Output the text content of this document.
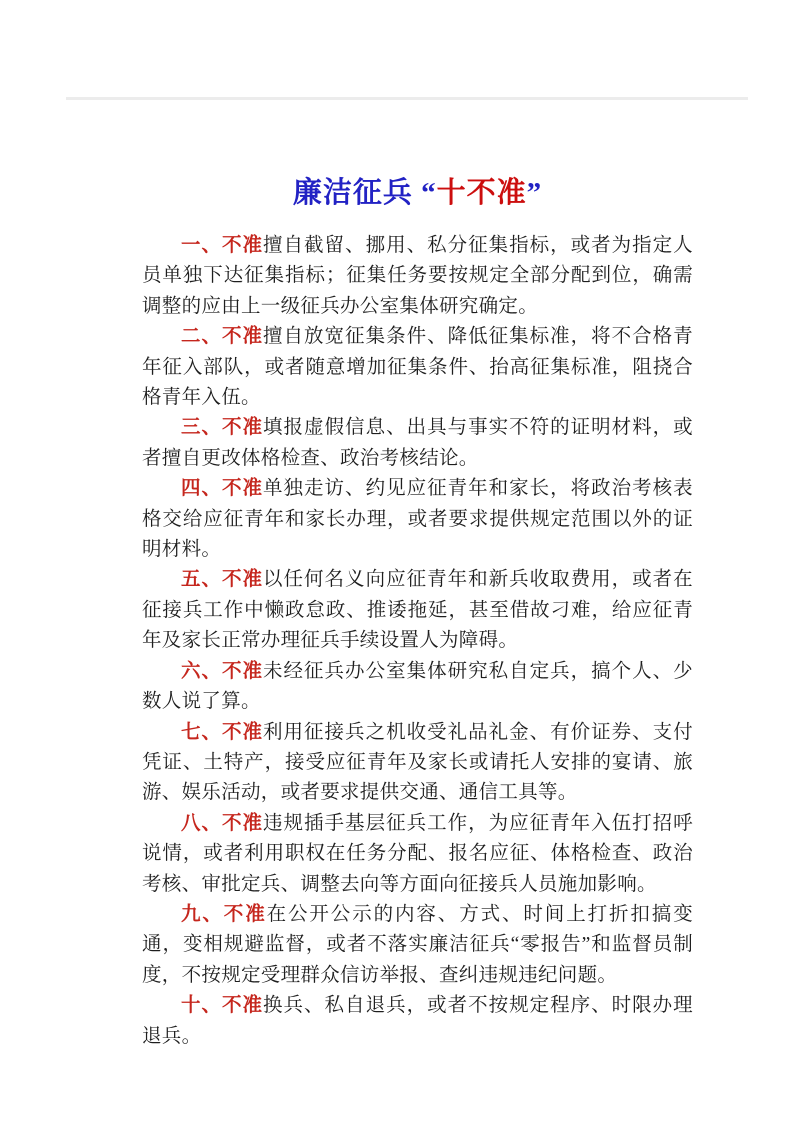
廉洁征兵 “十不准”

一、不准擅自截留、挪用、私分征集指标，或者为指定人员单独下达征集指标；征集任务要按规定全部分配到位，确需调整的应由上一级征兵办公室集体研究确定。

二、不准擅自放宽征集条件、降低征集标准，将不合格青年征入部队，或者随意增加征集条件、抬高征集标准，阻挠合格青年入伍。

三、不准填报虚假信息、出具与事实不符的证明材料，或者擅自更改体格检查、政治考核结论。

四、不准单独走访、约见应征青年和家长，将政治考核表格交给应征青年和家长办理，或者要求提供规定范围以外的证明材料。

五、不准以任何名义向应征青年和新兵收取费用，或者在征接兵工作中懒政怠政、推诿拖延，甚至借故刁难，给应征青年及家长正常办理征兵手续设置人为障碍。

六、不准未经征兵办公室集体研究私自定兵，搞个人、少数人说了算。

七、不准利用征接兵之机收受礼品礼金、有价证券、支付凭证、土特产，接受应征青年及家长或请托人安排的宴请、旅游、娱乐活动，或者要求提供交通、通信工具等。

八、不准违规插手基层征兵工作，为应征青年入伍打招呼说情，或者利用职权在任务分配、报名应征、体格检查、政治考核、审批定兵、调整去向等方面向征接兵人员施加影响。

九、不准在公开公示的内容、方式、时间上打折扣搞变通，变相规避监督，或者不落实廉洁征兵“零报告”和监督员制度，不按规定受理群众信访举报、查纠违规违纪问题。

十、不准换兵、私自退兵，或者不按规定程序、时限办理退兵。
